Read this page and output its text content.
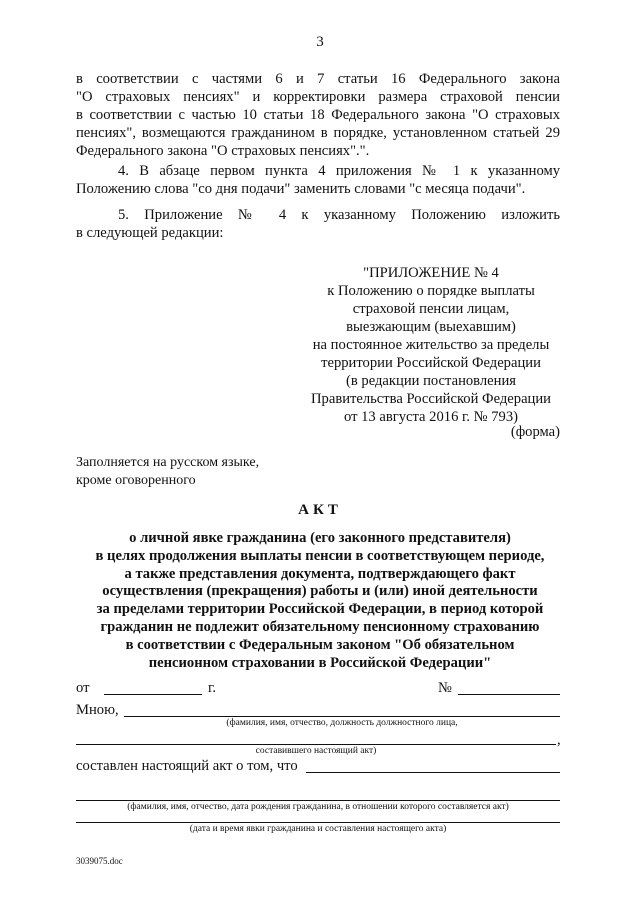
3
в соответствии с частями 6 и 7 статьи 16 Федерального закона
"О страховых пенсиях" и корректировки размера страховой пенсии
в соответствии с частью 10 статьи 18 Федерального закона "О страховых
пенсиях", возмещаются гражданином в порядке, установленном статьей 29
Федерального закона "О страховых пенсиях".".
4. В абзаце первом пункта 4 приложения № 1 к указанному
Положению слова "со дня подачи" заменить словами "с месяца подачи".
5. Приложение № 4 к указанному Положению изложить
в следующей редакции:
"ПРИЛОЖЕНИЕ № 4
к Положению о порядке выплаты
страховой пенсии лицам,
выезжающим (выехавшим)
на постоянное жительство за пределы
территории Российской Федерации
(в редакции постановления
Правительства Российской Федерации
от 13 августа 2016 г. № 793)
(форма)
Заполняется на русском языке,
кроме оговоренного
АКТ
о личной явке гражданина (его законного представителя)
в целях продолжения выплаты пенсии в соответствующем периоде,
а также представления документа, подтверждающего факт
осуществления (прекращения) работы и (или) иной деятельности
за пределами территории Российской Федерации, в период которой
гражданин не подлежит обязательному пенсионному страхованию
в соответствии с Федеральным законом "Об обязательном
пенсионном страховании в Российской Федерации"
от	г.	№
Мною,
(фамилия, имя, отчество, должность должностного лица,
,
составившего настоящий акт)
составлен настоящий акт о том, что
(фамилия, имя, отчество, дата рождения гражданина, в отношении которого составляется акт)
(дата и время явки гражданина и составления настоящего акта)
3039075.doc
